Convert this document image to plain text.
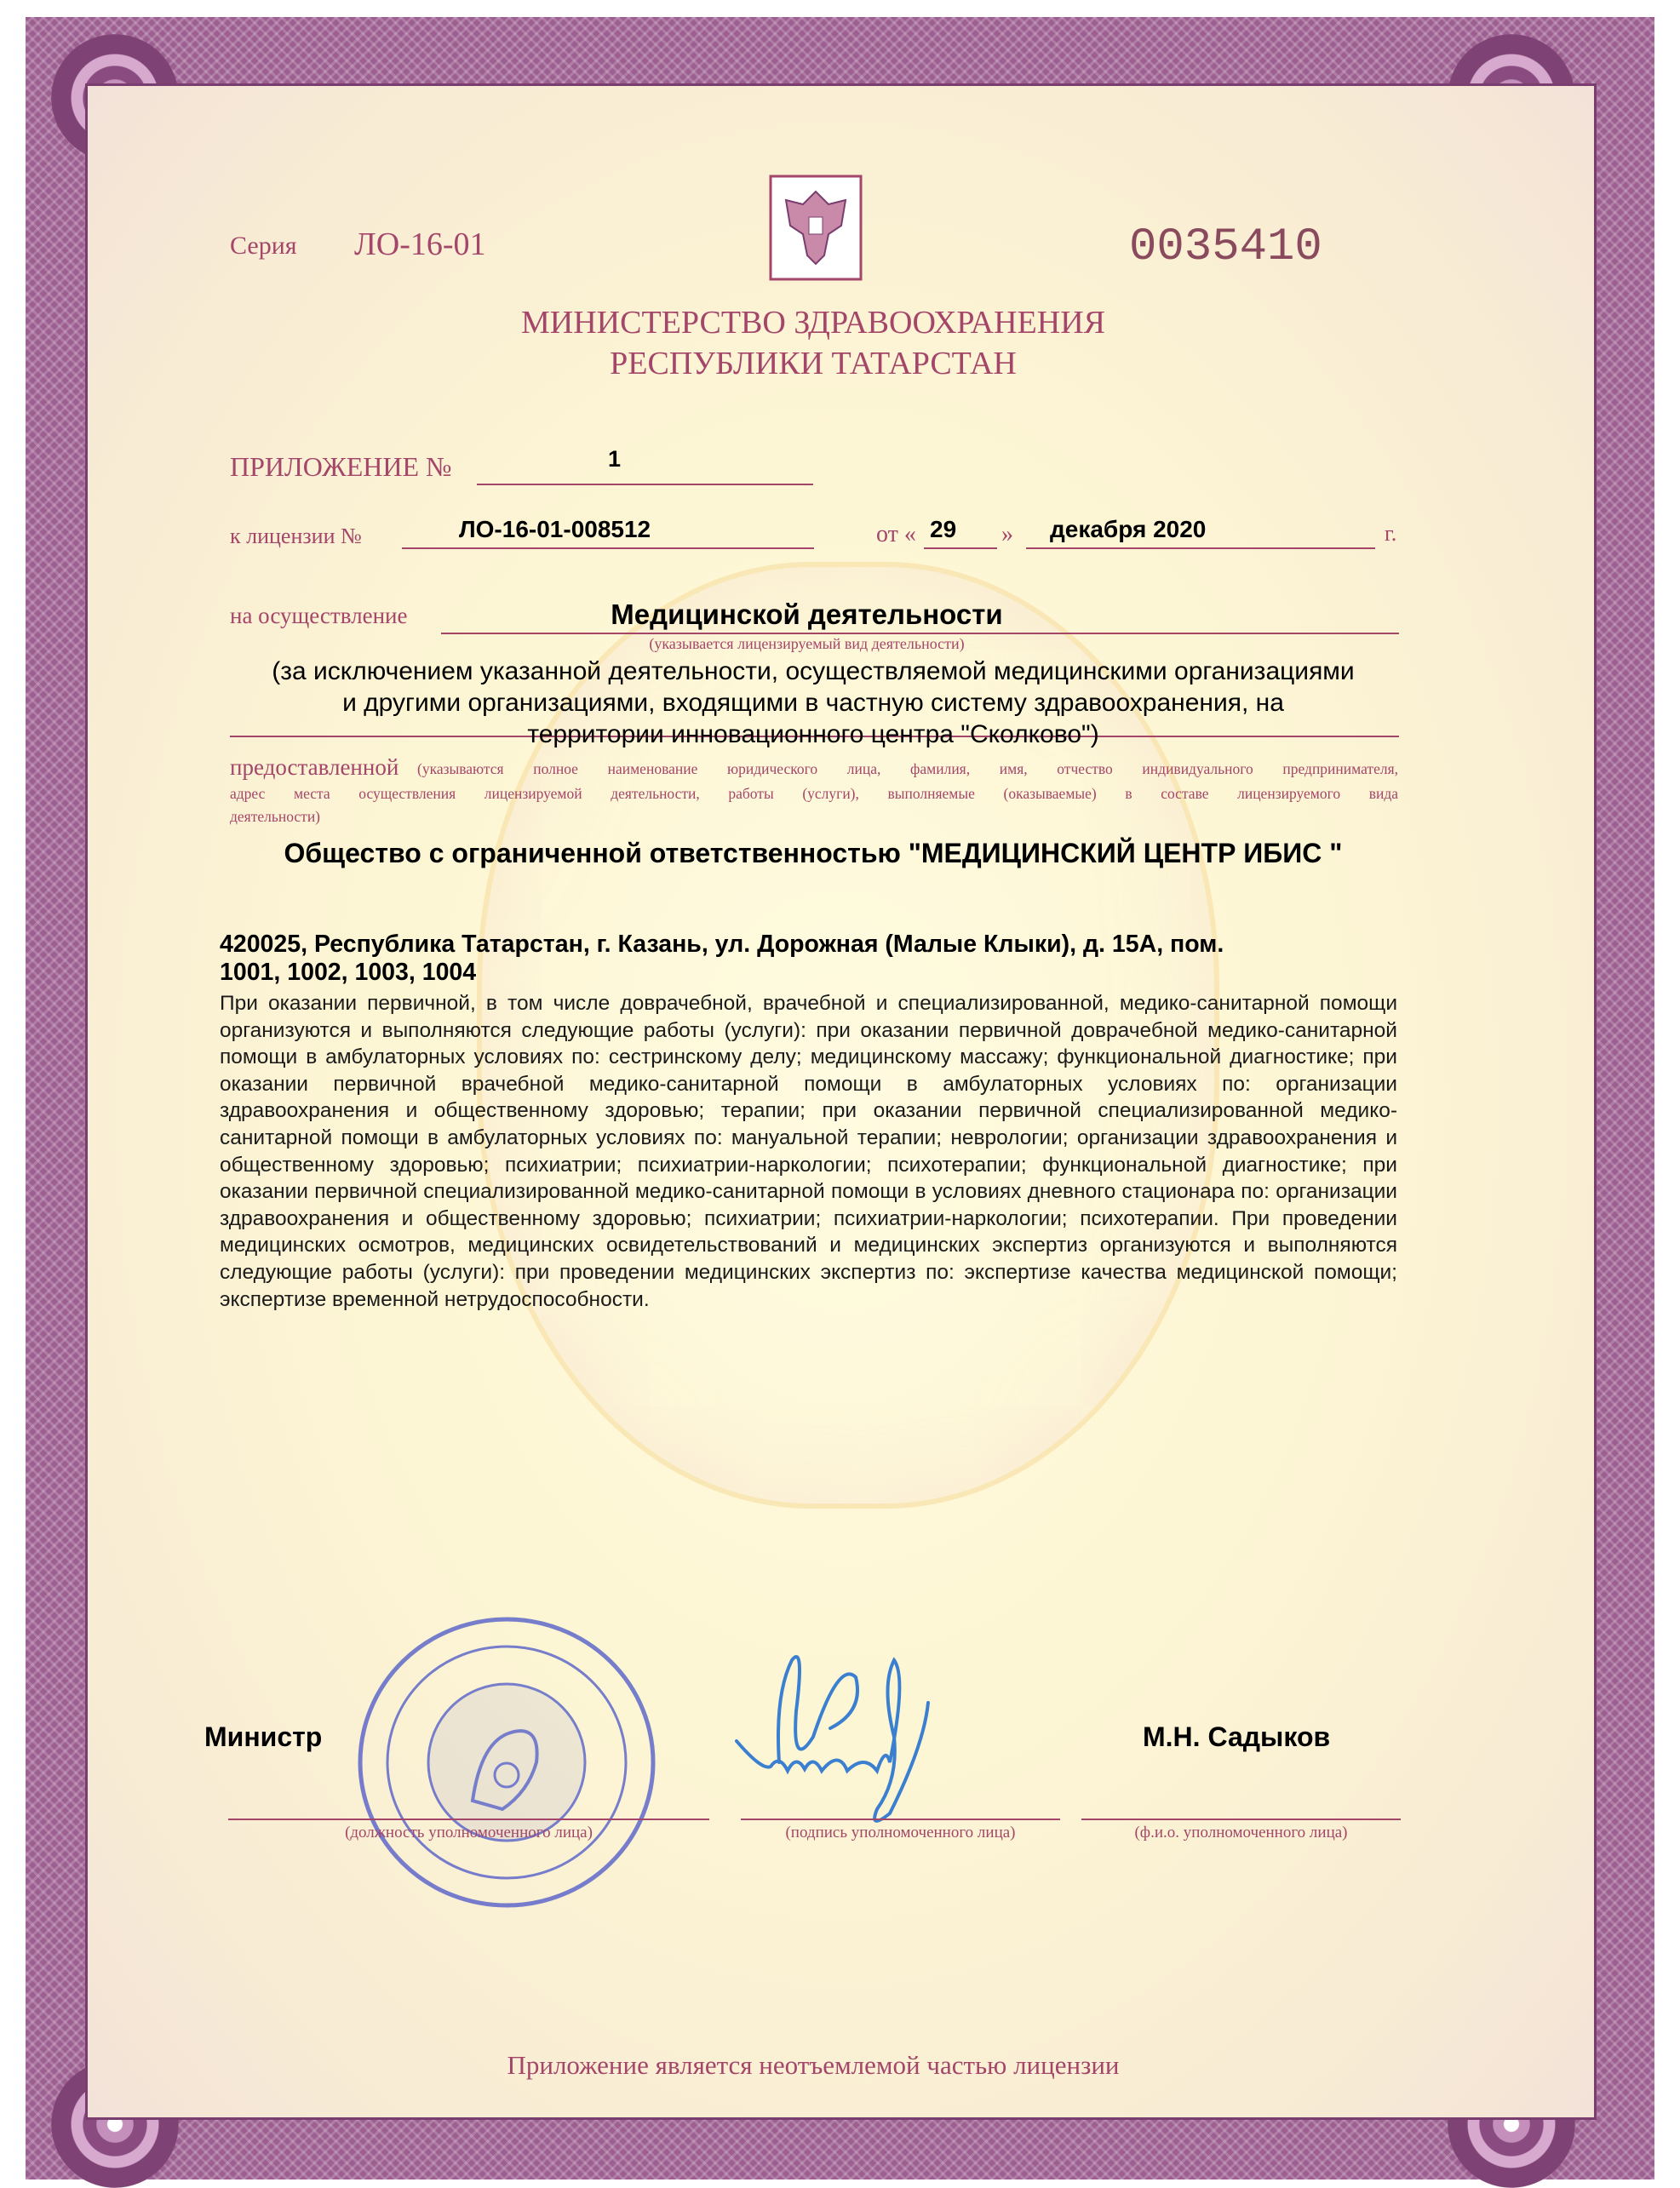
Серия ЛО-16-01	0035410
МИНИСТЕРСТВО ЗДРАВООХРАНЕНИЯ
РЕСПУБЛИКИ ТАТАРСТАН
ПРИЛОЖЕНИЕ №	1
к лицензии №	ЛО-16-01-008512	от « 29 » декабря 2020	г.
на осуществление	Медицинской деятельности
(указывается лицензируемый вид деятельности)
(за исключением указанной деятельности, осуществляемой медицинскими организациями
и другими организациями, входящими в частную систему здравоохранения, на
территории инновационного центра "Сколково")
предоставленной (указываются полное наименование юридического лица, фамилия, имя, отчество индивидуального предпринимателя,
адрес места осуществления лицензируемой деятельности, работы (услуги), выполняемые (оказываемые) в составе лицензируемого вида
деятельности)
Общество с ограниченной ответственностью "МЕДИЦИНСКИЙ ЦЕНТР ИБИС "
420025, Республика Татарстан, г. Казань, ул. Дорожная (Малые Клыки), д. 15А, пом.
1001, 1002, 1003, 1004
При оказании первичной, в том числе доврачебной, врачебной и специализированной, медико-санитарной помощи организуются и выполняются следующие работы (услуги): при оказании первичной доврачебной медико-санитарной помощи в амбулаторных условиях по: сестринскому делу; медицинскому массажу; функциональной диагностике; при оказании первичной врачебной медико-санитарной помощи в амбулаторных условиях по: организации здравоохранения и общественному здоровью; терапии; при оказании первичной специализированной медико-санитарной помощи в амбулаторных условиях по: мануальной терапии; неврологии; организации здравоохранения и общественному здоровью; психиатрии; психиатрии-наркологии; психотерапии; функциональной диагностике; при оказании первичной специализированной медико-санитарной помощи в условиях дневного стационара по: организации здравоохранения и общественному здоровью; психиатрии; психиатрии-наркологии; психотерапии. При проведении медицинских осмотров, медицинских освидетельствований и медицинских экспертиз организуются и выполняются следующие работы (услуги): при проведении медицинских экспертиз по: экспертизе качества медицинской помощи; экспертизе временной нетрудоспособности.
Министр	М.Н. Садыков
(должность уполномоченного лица)	(подпись уполномоченного лица)	(ф.и.о. уполномоченного лица)
Приложение является неотъемлемой частью лицензии
